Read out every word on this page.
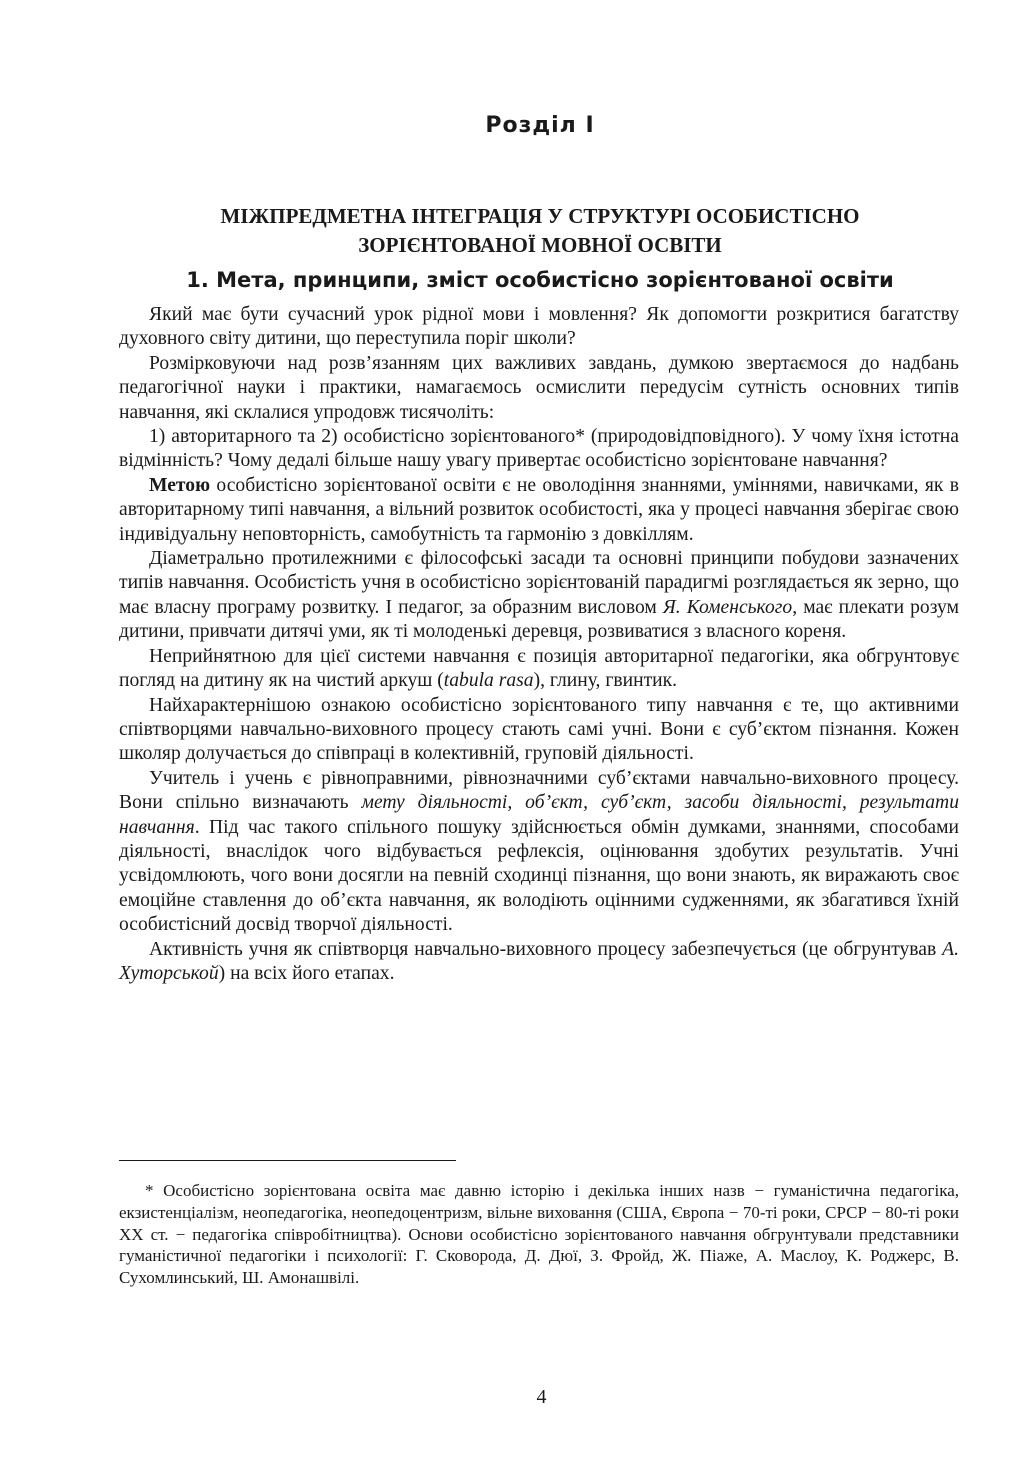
Розділ І
МІЖПРЕДМЕТНА ІНТЕГРАЦІЯ У СТРУКТУРІ ОСОБИСТІСНО
ЗОРІЄНТОВАНОЇ МОВНОЇ ОСВІТИ
1. Мета, принципи, зміст особистісно зорієнтованої освіти

Який має бути сучасний урок рідної мови і мовлення? Як допомогти розкритися багатству духовного світу дитини, що переступила поріг школи?

Розмірковуючи над розв’язанням цих важливих завдань, думкою звертаємося до надбань педагогічної науки і практики, намагаємось осмислити передусім сутність основних типів навчання, які склалися упродовж тисячоліть:

1) авторитарного та 2) особистісно зорієнтованого* (природовідповідного). У чому їхня істотна відмінність? Чому дедалі більше нашу увагу привертає особистісно зорієнтоване навчання?

Метою особистісно зорієнтованої освіти є не оволодіння знаннями, уміннями, навичками, як в авторитарному типі навчання, а вільний розвиток особистості, яка у процесі навчання зберігає свою індивідуальну неповторність, самобутність та гармонію з довкіллям.

Діаметрально протилежними є філософські засади та основні принципи побудови зазначених типів навчання. Особистість учня в особистісно зорієнтованій парадигмі розглядається як зерно, що має власну програму розвитку. І педагог, за образним висловом Я. Коменського, має плекати розум дитини, привчати дитячі уми, як ті молоденькі деревця, розвиватися з власного кореня.

Неприйнятною для цієї системи навчання є позиція авторитарної педагогіки, яка обгрунтовує погляд на дитину як на чистий аркуш (tabula rasa), глину, гвинтик.

Найхарактернішою ознакою особистісно зорієнтованого типу навчання є те, що активними співтворцями навчально-виховного процесу стають самі учні. Вони є суб’єктом пізнання. Кожен школяр долучається до співпраці в колективній, груповій діяльності.

Учитель і учень є рівноправними, рівнозначними суб’єктами навчально-виховного процесу. Вони спільно визначають мету діяльності, об’єкт, суб’єкт, засоби діяльності, результати навчання. Під час такого спільного пошуку здійснюється обмін думками, знаннями, способами діяльності, внаслідок чого відбувається рефлексія, оцінювання здобутих результатів. Учні усвідомлюють, чого вони досягли на певній сходинці пізнання, що вони знають, як виражають своє емоційне ставлення до об’єкта навчання, як володіють оцінними судженнями, як збагатився їхній особистісний досвід творчої діяльності.

Активність учня як співтворця навчально-виховного процесу забезпечується (це обгрунтував А. Хуторськой) на всіх його етапах.

* Особистісно зорієнтована освіта має давню історію і декілька інших назв − гуманістична педагогіка, екзистенціалізм, неопедагогіка, неопедоцентризм, вільне виховання (США, Європа − 70-ті роки, СРСР − 80-ті роки ХХ ст. − педагогіка співробітництва). Основи особистісно зорієнтованого навчання обгрунтували представники гуманістичної педагогіки і психології: Г. Сковорода, Д. Дюї, З. Фройд, Ж. Піаже, А. Маслоу, К. Роджерс, В. Сухомлинський, Ш. Амонашвілі.

4
